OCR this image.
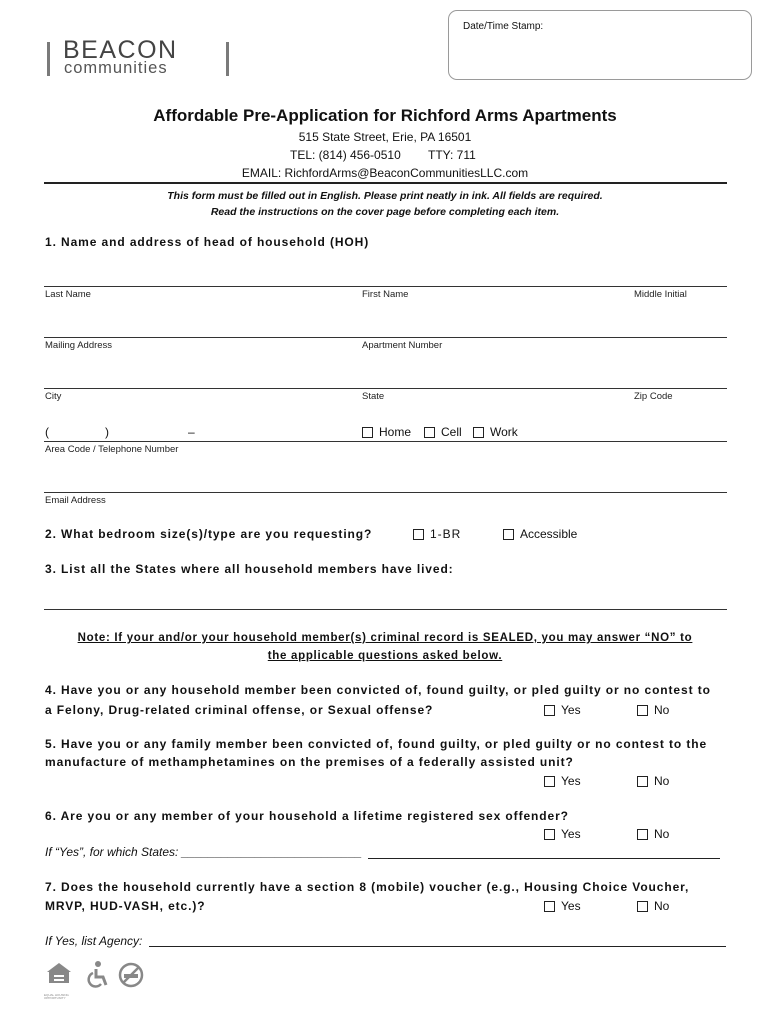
Date/Time Stamp:
BEACON
communities
Affordable Pre-Application for Richford Arms Apartments
515 State Street, Erie, PA 16501
TEL: (814) 456-0510 TTY: 711
EMAIL: RichfordArms@BeaconCommunitiesLLC.com
This form must be filled out in English. Please print neatly in ink. All fields are required.
Read the instructions on the cover page before completing each item.
1. Name and address of head of household (HOH)
Last Name	First Name	Middle Initial
Mailing Address	Apartment Number
City	State	Zip Code
(	)	–	Home Cell Work
Area Code / Telephone Number
Email Address
2. What bedroom size(s)/type are you requesting?	1-BR	Accessible
3. List all the States where all household members have lived:
Note: If your and/or your household member(s) criminal record is SEALED, you may answer “NO” to
the applicable questions asked below.
4. Have you or any household member been convicted of, found guilty, or pled guilty or no contest to
a Felony, Drug-related criminal offense, or Sexual offense?	Yes	No
5. Have you or any family member been convicted of, found guilty, or pled guilty or no contest to the
manufacture of methamphetamines on the premises of a federally assisted unit?
Yes	No
6. Are you or any member of your household a lifetime registered sex offender?
Yes	No
If “Yes”, for which States: ___________________________
7. Does the household currently have a section 8 (mobile) voucher (e.g., Housing Choice Voucher,
MRVP, HUD-VASH, etc.)?	Yes	No
If Yes, list Agency:
EQUAL HOUSING OPPORTUNITY
